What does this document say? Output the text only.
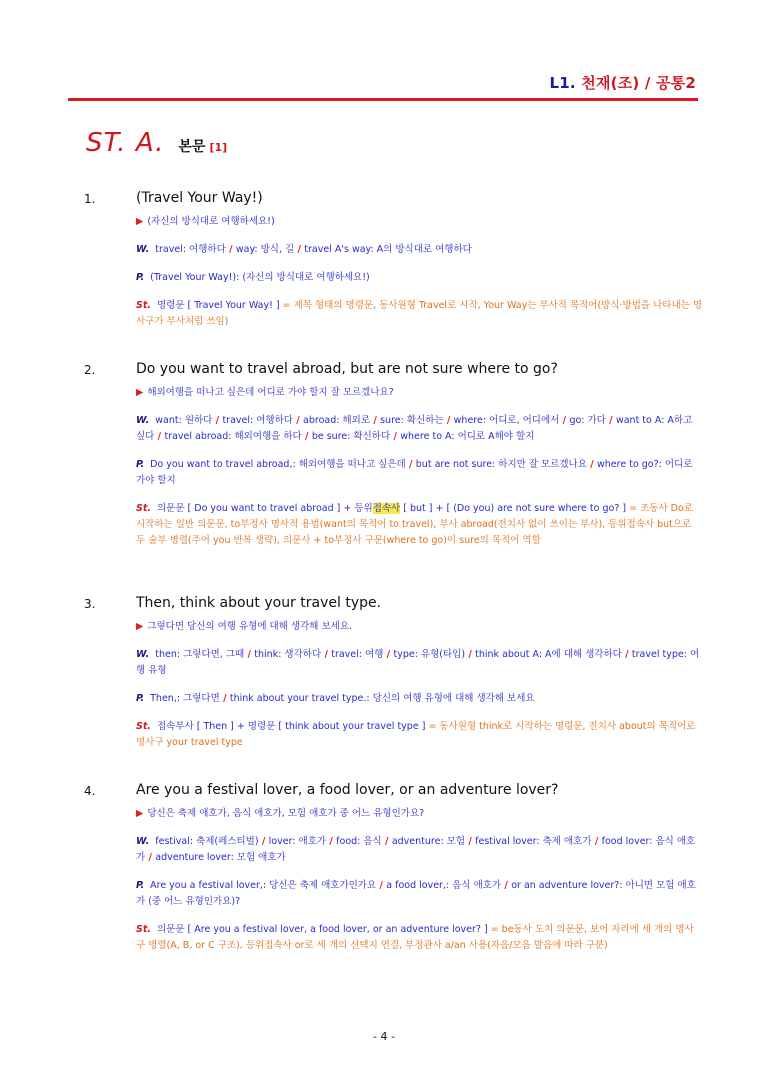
L1. 천재(조) / 공통2
ST. A. 본문 [1]
1.	(Travel Your Way!)
▶ (자신의 방식대로 여행하세요!)
W. travel: 여행하다 / way: 방식, 길 / travel A's way: A의 방식대로 여행하다
P. (Travel Your Way!): (자신의 방식대로 여행하세요!)
St. 명령문 [ Travel Your Way! ] = 제목 형태의 명령문, 동사원형 Travel로 시작, Your Way는 부사적 목적어(방식·방법을 나타내는 명사구가 부사처럼 쓰임)
2.	Do you want to travel abroad, but are not sure where to go?
▶ 해외여행을 떠나고 싶은데 어디로 가야 할지 잘 모르겠나요?
W. want: 원하다 / travel: 여행하다 / abroad: 해외로 / sure: 확신하는 / where: 어디로, 어디에서 / go: 가다 / want to A: A하고 싶다 / travel abroad: 해외여행을 하다 / be sure: 확신하다 / where to A: 어디로 A해야 할지
P. Do you want to travel abroad,: 해외여행을 떠나고 싶은데 / but are not sure: 하지만 잘 모르겠나요 / where to go?: 어디로 가야 할지
St. 의문문 [ Do you want to travel abroad ] + 등위접속사 [ but ] + [ (Do you) are not sure where to go? ] = 조동사 Do로 시작하는 일반 의문문, to부정사 명사적 용법(want의 목적어 to travel), 부사 abroad(전치사 없이 쓰이는 부사), 등위접속사 but으로 두 술부 병렬(주어 you 반복 생략), 의문사 + to부정사 구문(where to go)이 sure의 목적어 역할
3.	Then, think about your travel type.
▶ 그렇다면 당신의 여행 유형에 대해 생각해 보세요.
W. then: 그렇다면, 그때 / think: 생각하다 / travel: 여행 / type: 유형(타입) / think about A: A에 대해 생각하다 / travel type: 여행 유형
P. Then,: 그렇다면 / think about your travel type.: 당신의 여행 유형에 대해 생각해 보세요
St. 접속부사 [ Then ] + 명령문 [ think about your travel type ] = 동사원형 think로 시작하는 명령문, 전치사 about의 목적어로 명사구 your travel type
4.	Are you a festival lover, a food lover, or an adventure lover?
▶ 당신은 축제 애호가, 음식 애호가, 모험 애호가 중 어느 유형인가요?
W. festival: 축제(페스티벌) / lover: 애호가 / food: 음식 / adventure: 모험 / festival lover: 축제 애호가 / food lover: 음식 애호가 / adventure lover: 모험 애호가
P. Are you a festival lover,: 당신은 축제 애호가인가요 / a food lover,: 음식 애호가 / or an adventure lover?: 아니면 모험 애호가 (중 어느 유형인가요)?
St. 의문문 [ Are you a festival lover, a food lover, or an adventure lover? ] = be동사 도치 의문문, 보어 자리에 세 개의 명사구 병렬(A, B, or C 구조), 등위접속사 or로 세 개의 선택지 연결, 부정관사 a/an 사용(자음/모음 발음에 따라 구분)
- 4 -
